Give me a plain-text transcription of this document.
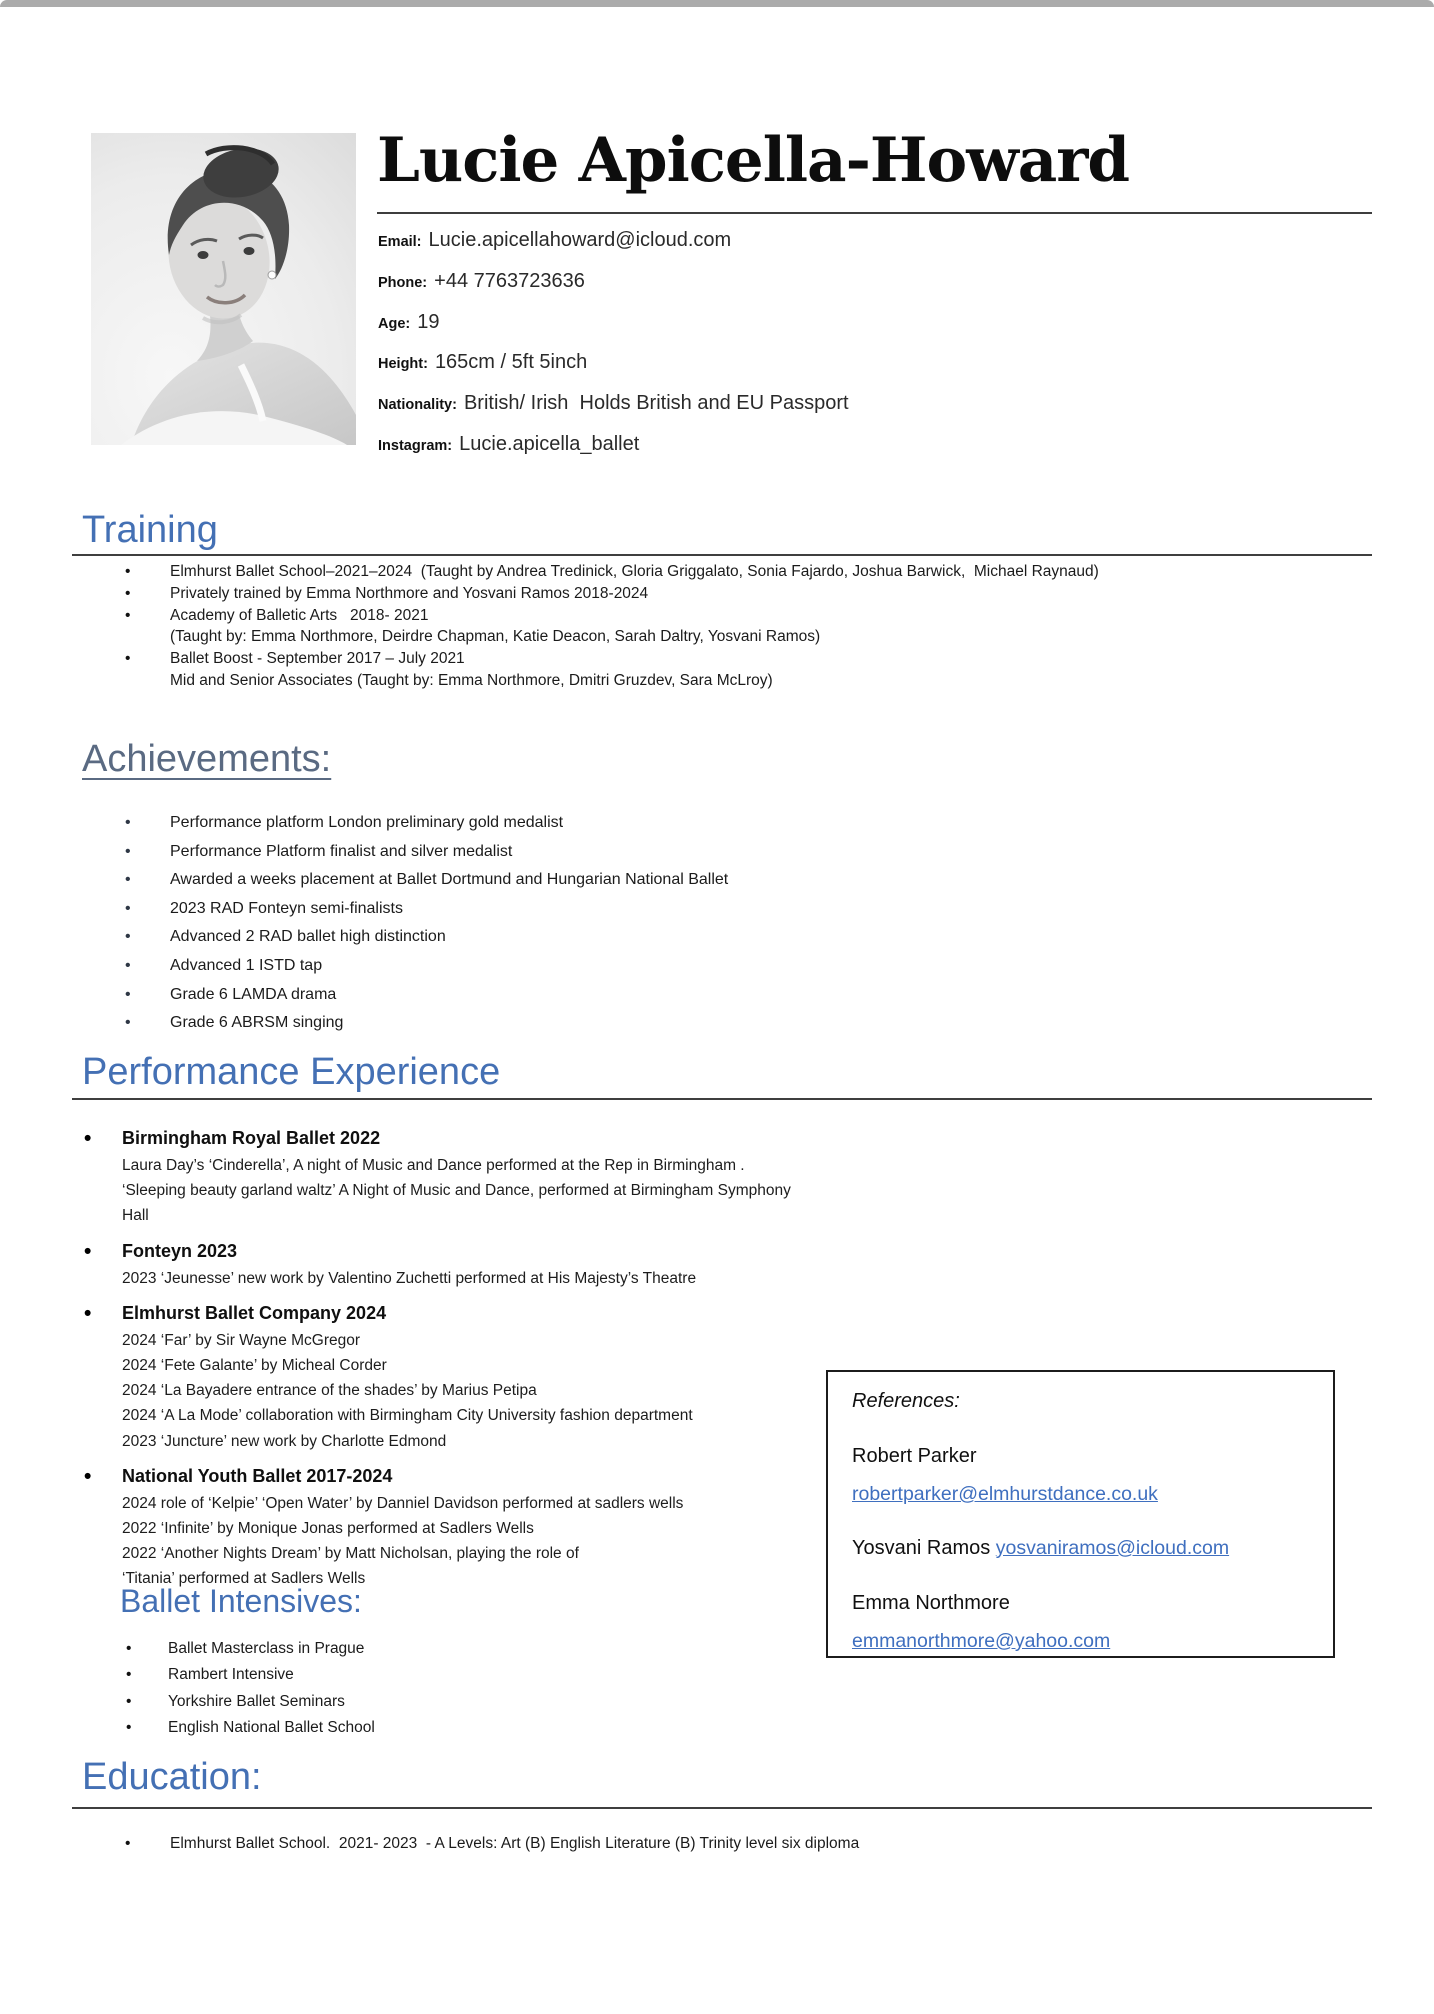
Lucie Apicella-Howard
Email: Lucie.apicellahoward@icloud.com
Phone: +44 7763723636
Age: 19
Height: 165cm / 5ft 5inch
Nationality: British/ Irish  Holds British and EU Passport
Instagram: Lucie.apicella_ballet
Training
• Elmhurst Ballet School–2021–2024  (Taught by Andrea Tredinick, Gloria Griggalato, Sonia Fajardo, Joshua Barwick,  Michael Raynaud)
• Privately trained by Emma Northmore and Yosvani Ramos 2018-2024
• Academy of Balletic Arts   2018- 2021
(Taught by: Emma Northmore, Deirdre Chapman, Katie Deacon, Sarah Daltry, Yosvani Ramos)
• Ballet Boost - September 2017 – July 2021
Mid and Senior Associates (Taught by: Emma Northmore, Dmitri Gruzdev, Sara McLroy)
Achievements:
• Performance platform London preliminary gold medalist
• Performance Platform finalist and silver medalist
• Awarded a weeks placement at Ballet Dortmund and Hungarian National Ballet
• 2023 RAD Fonteyn semi-finalists
• Advanced 2 RAD ballet high distinction
• Advanced 1 ISTD tap
• Grade 6 LAMDA drama
• Grade 6 ABRSM singing
Performance Experience
• Birmingham Royal Ballet 2022
Laura Day’s ‘Cinderella’, A night of Music and Dance performed at the Rep in Birmingham .
‘Sleeping beauty garland waltz’ A Night of Music and Dance, performed at Birmingham Symphony Hall
• Fonteyn 2023
2023 ‘Jeunesse’ new work by Valentino Zuchetti performed at His Majesty’s Theatre
• Elmhurst Ballet Company 2024
2024 ‘Far’ by Sir Wayne McGregor
2024 ‘Fete Galante’ by Micheal Corder
2024 ‘La Bayadere entrance of the shades’ by Marius Petipa
2024 ‘A La Mode’ collaboration with Birmingham City University fashion department
2023 ‘Juncture’ new work by Charlotte Edmond
• National Youth Ballet 2017-2024
2024 role of ‘Kelpie’ ‘Open Water’ by Danniel Davidson performed at sadlers wells
2022 ‘Infinite’ by Monique Jonas performed at Sadlers Wells
2022 ‘Another Nights Dream’ by Matt Nicholsan, playing the role of
‘Titania’ performed at Sadlers Wells

References:

Robert Parker
robertparker@elmhurstdance.co.uk
Yosvani Ramos yosvaniramos@icloud.com
Emma Northmore
emmanorthmore@yahoo.com
Ballet Intensives:
• Ballet Masterclass in Prague
• Rambert Intensive
• Yorkshire Ballet Seminars
• English National Ballet School
Education:
• Elmhurst Ballet School.  2021- 2023  - A Levels: Art (B) English Literature (B) Trinity level six diploma
